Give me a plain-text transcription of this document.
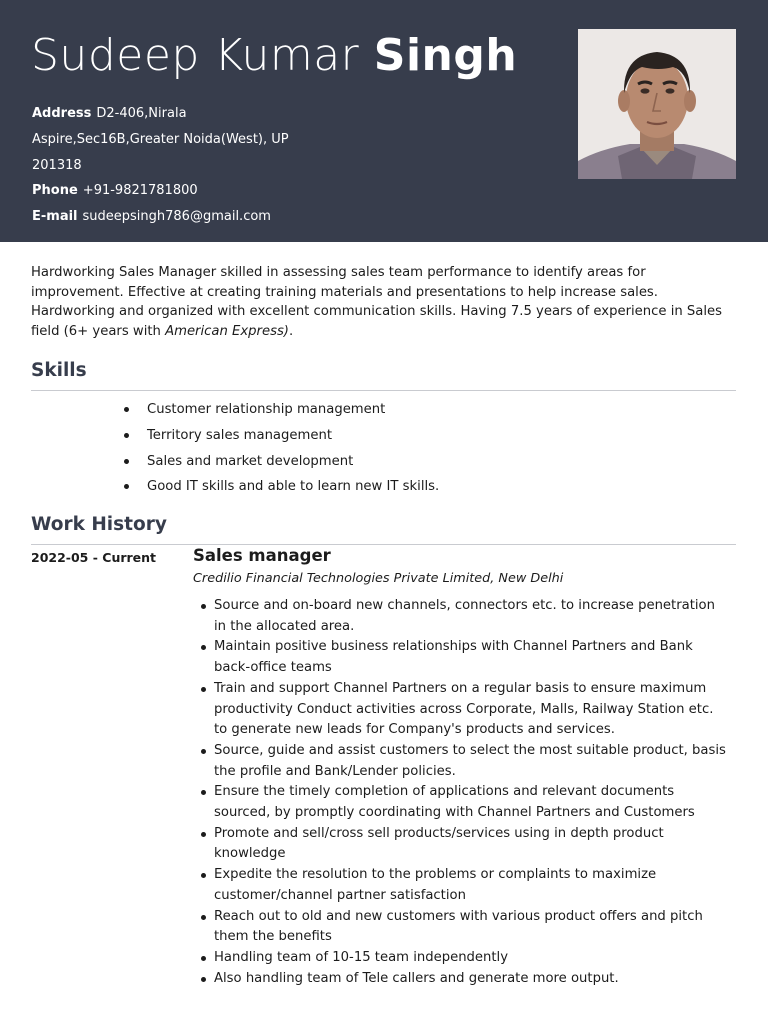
Sudeep Kumar Singh
Address D2-406,Nirala Aspire,Sec16B,Greater Noida(West), UP 201318
Phone +91-9821781800
E-mail sudeepsingh786@gmail.com
Hardworking Sales Manager skilled in assessing sales team performance to identify areas for improvement. Effective at creating training materials and presentations to help increase sales. Hardworking and organized with excellent communication skills. Having 7.5 years of experience in Sales field (6+ years with American Express).
Skills
Customer relationship management
Territory sales management
Sales and market development
Good IT skills and able to learn new IT skills.
Work History
2022-05 - Current Sales manager
Credilio Financial Technologies Private Limited, New Delhi
Source and on-board new channels, connectors etc. to increase penetration in the allocated area.
Maintain positive business relationships with Channel Partners and Bank back-office teams
Train and support Channel Partners on a regular basis to ensure maximum productivity Conduct activities across Corporate, Malls, Railway Station etc. to generate new leads for Company's products and services.
Source, guide and assist customers to select the most suitable product, basis the profile and Bank/Lender policies.
Ensure the timely completion of applications and relevant documents sourced, by promptly coordinating with Channel Partners and Customers
Promote and sell/cross sell products/services using in depth product knowledge
Expedite the resolution to the problems or complaints to maximize customer/channel partner satisfaction
Reach out to old and new customers with various product offers and pitch them the benefits
Handling team of 10-15 team independently
Also handling team of Tele callers and generate more output.
